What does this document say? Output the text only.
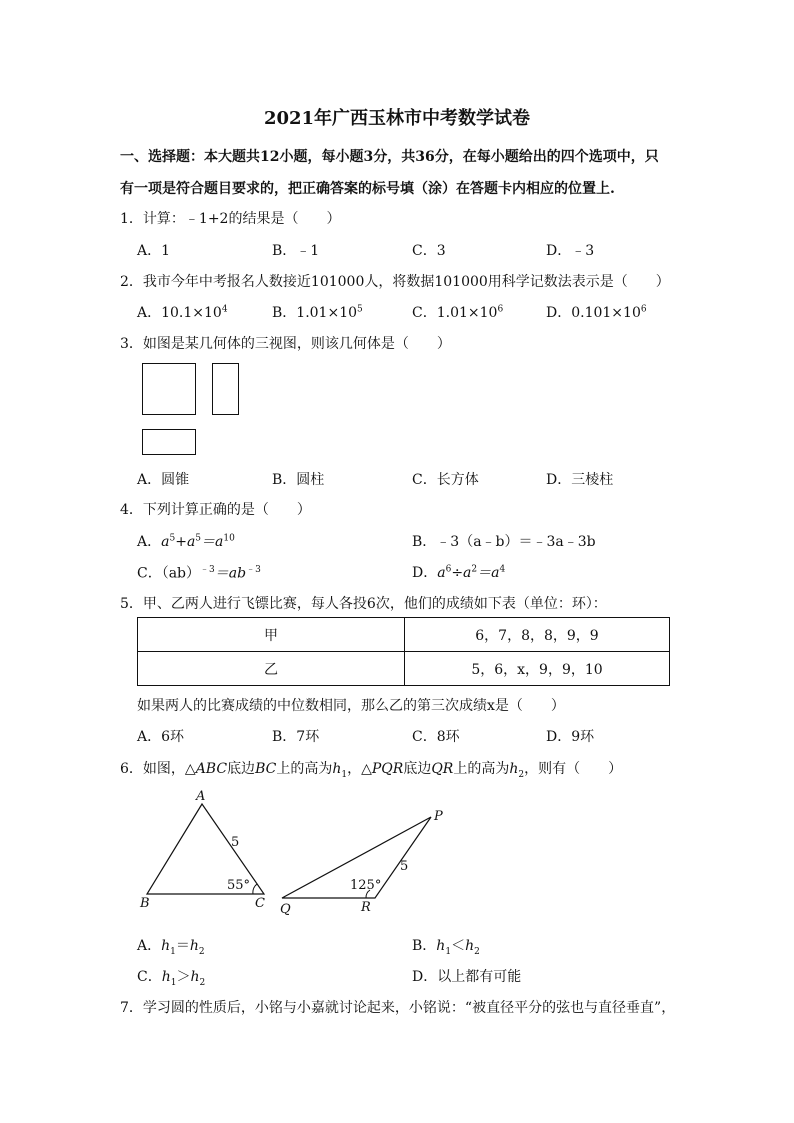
2021年广西玉林市中考数学试卷
一、选择题：本大题共12小题，每小题3分，共36分，在每小题给出的四个选项中，只
有一项是符合题目要求的，把正确答案的标号填（涂）在答题卡内相应的位置上.
1．计算：﹣1+2的结果是（　　）
A．1	B．﹣1	C．3	D．﹣3
2．我市今年中考报名人数接近101000人，将数据101000用科学记数法表示是（　　）
A．$10.1\times 10^4$	B．$1.01\times 10^5$	C．$1.01\times 10^6$	D．$0.101\times 10^6$
3．如图是某几何体的三视图，则该几何体是（　　）
A．圆锥	B．圆柱	C．长方体	D．三棱柱
4．下列计算正确的是（　　）
A．$a^5+a^5=a^{10}$	B．﹣3（a﹣b）＝﹣3a﹣3b
C．$(ab)^{﹣3}=ab^{﹣3}$	D．$a^6\div a^2=a^4$
5．甲、乙两人进行飞镖比赛，每人各投6次，他们的成绩如下表（单位：环）：
甲	6，7，8，8，9，9
乙	5，6，x，9，9，10
如果两人的比赛成绩的中位数相同，那么乙的第三次成绩x是（　　）
A．6环	B．7环	C．8环	D．9环
6．如图，△ABC底边BC上的高为$h_1$，△PQR底边QR上的高为$h_2$，则有（　　）
A
B	C
5
55°
P
Q	R
5
125°
A．$h_1=h_2$	B．$h_1<h_2$
C．$h_1>h_2$	D．以上都有可能
7．学习圆的性质后，小铭与小嘉就讨论起来，小铭说：“被直径平分的弦也与直径垂直”，
